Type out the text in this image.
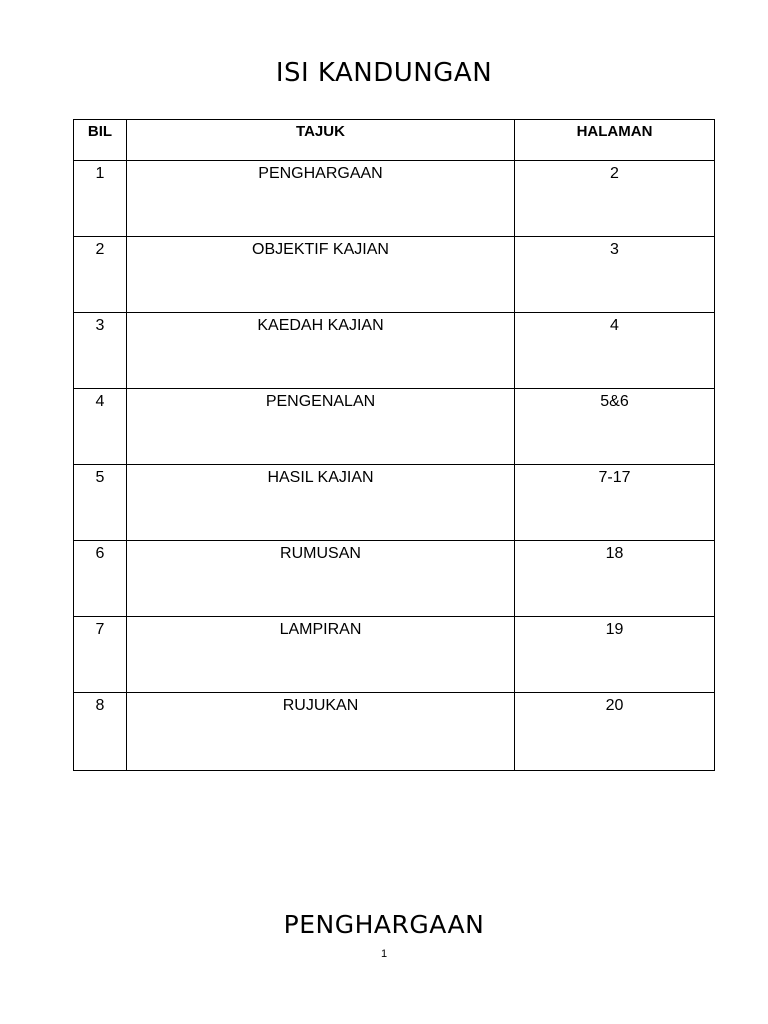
ISI KANDUNGAN
BIL	TAJUK	HALAMAN
1	PENGHARGAAN	2
2	OBJEKTIF KAJIAN	3
3	KAEDAH KAJIAN	4
4	PENGENALAN	5&6
5	HASIL KAJIAN	7-17
6	RUMUSAN	18
7	LAMPIRAN	19
8	RUJUKAN	20
PENGHARGAAN
1
